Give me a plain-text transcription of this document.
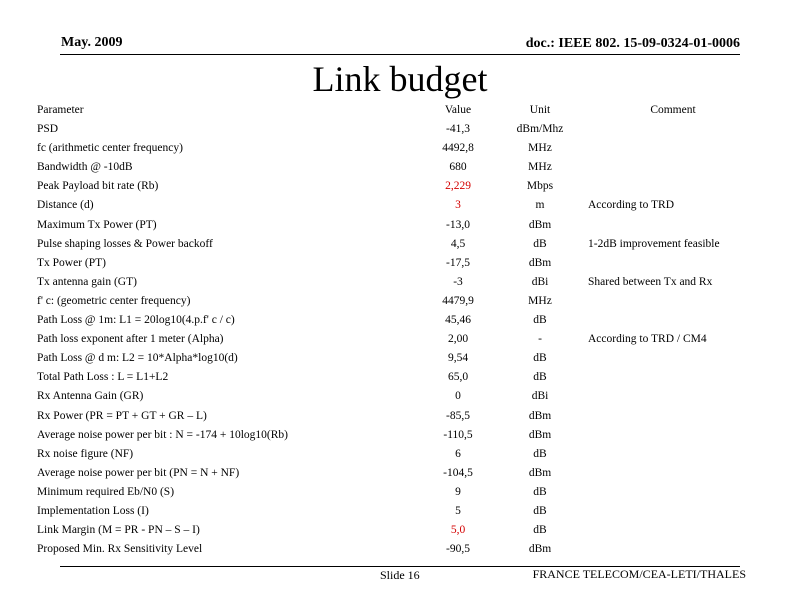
May. 2009	doc.: IEEE 802. 15-09-0324-01-0006
Link budget
Parameter	Value	Unit	Comment
PSD	-41,3	dBm/Mhz
fc (arithmetic center frequency)	4492,8	MHz
Bandwidth @ -10dB	680	MHz
Peak Payload bit rate (Rb)	2,229	Mbps
Distance (d)	3	m	According to TRD
Maximum Tx Power (PT)	-13,0	dBm
Pulse shaping losses & Power backoff	4,5	dB	1-2dB improvement feasible
Tx Power (PT)	-17,5	dBm
Tx antenna gain (GT)	-3	dBi	Shared between Tx and Rx
f' c: (geometric center frequency)	4479,9	MHz
Path Loss @ 1m: L1 = 20log10(4.p.f' c / c)	45,46	dB
Path loss exponent after 1 meter (Alpha)	2,00	-	According to TRD / CM4
Path Loss @ d m: L2 = 10*Alpha*log10(d)	9,54	dB
Total Path Loss : L = L1+L2	65,0	dB
Rx Antenna Gain (GR)	0	dBi
Rx Power (PR = PT + GT + GR – L)	-85,5	dBm
Average noise power per bit : N = -174 + 10log10(Rb)	-110,5	dBm
Rx noise figure (NF)	6	dB
Average noise power per bit (PN = N + NF)	-104,5	dBm
Minimum required Eb/N0 (S)	9	dB
Implementation Loss (I)	5	dB
Link Margin (M = PR - PN – S – I)	5,0	dB
Proposed Min. Rx Sensitivity Level	-90,5	dBm
Slide 16	FRANCE TELECOM/CEA-LETI/THALES
